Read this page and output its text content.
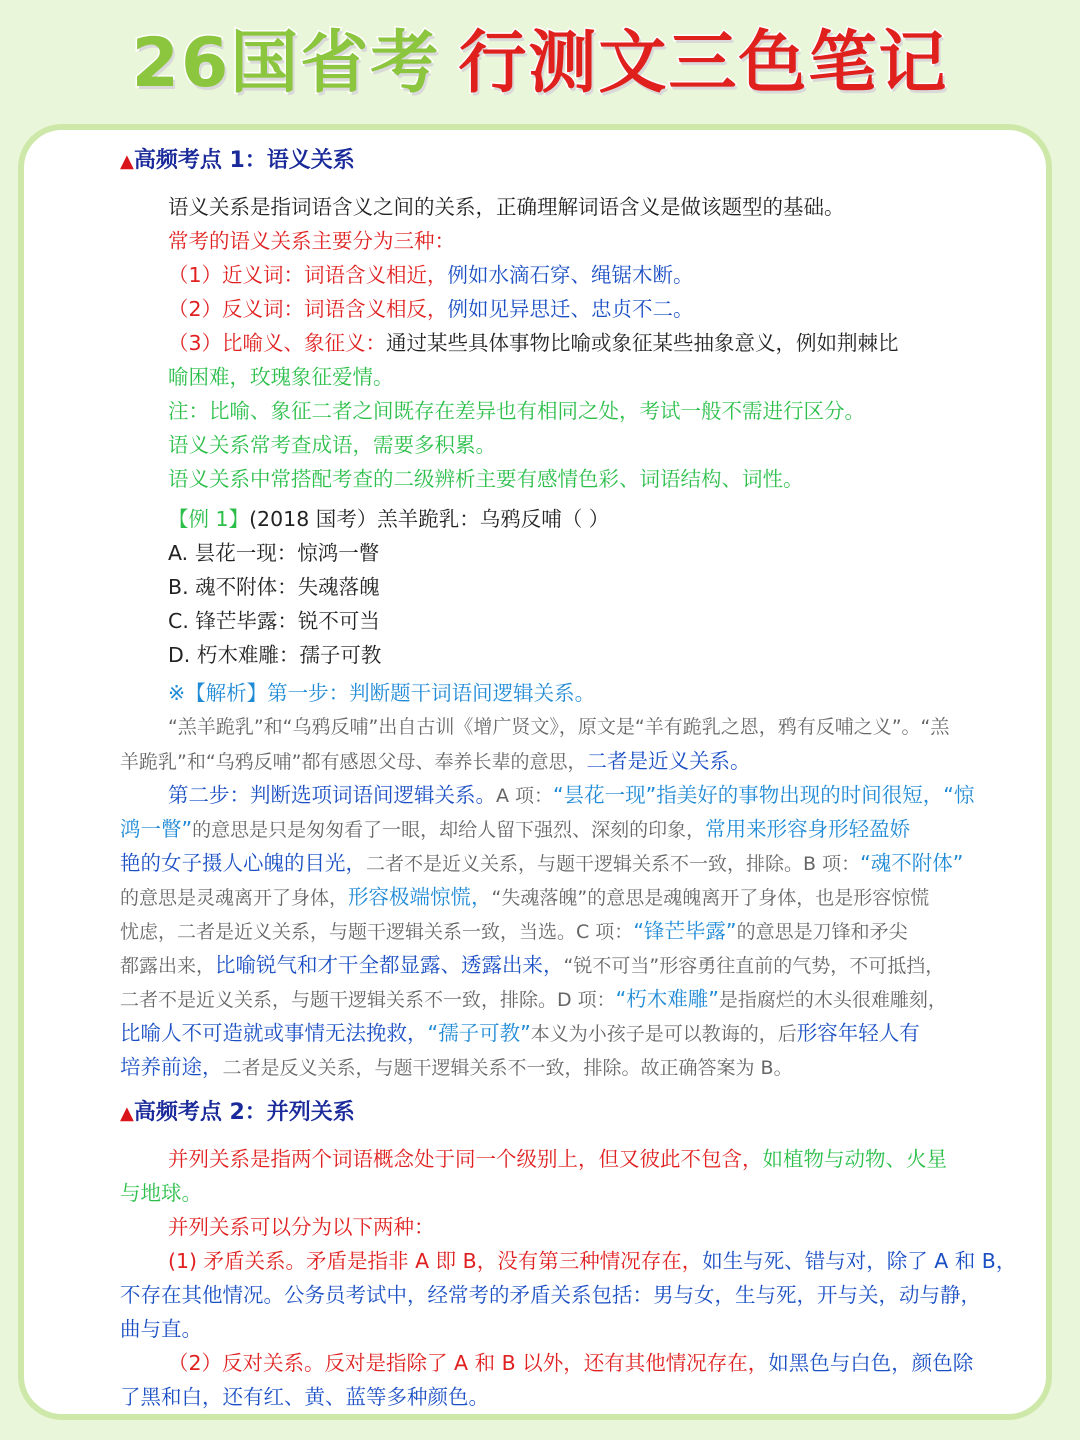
26国省考 行测文三色笔记
▲高频考点 1：语义关系
语义关系是指词语含义之间的关系，正确理解词语含义是做该题型的基础。
常考的语义关系主要分为三种：
（1）近义词：词语含义相近，例如水滴石穿、绳锯木断。
（2）反义词：词语含义相反，例如见异思迁、忠贞不二。
（3）比喻义、象征义：通过某些具体事物比喻或象征某些抽象意义，例如荆棘比
喻困难，玫瑰象征爱情。
注：比喻、象征二者之间既存在差异也有相同之处，考试一般不需进行区分。
语义关系常考查成语，需要多积累。
语义关系中常搭配考查的二级辨析主要有感情色彩、词语结构、词性。
【例 1】(2018 国考）羔羊跪乳：乌鸦反哺（ ）
A. 昙花一现：惊鸿一瞥
B. 魂不附体：失魂落魄
C. 锋芒毕露：锐不可当
D. 朽木难雕：孺子可教
※【解析】第一步：判断题干词语间逻辑关系。
“羔羊跪乳”和“乌鸦反哺”出自古训《增广贤文》，原文是“羊有跪乳之恩，鸦有反哺之义”。“羔
羊跪乳”和“乌鸦反哺”都有感恩父母、奉养长辈的意思，二者是近义关系。
第二步：判断选项词语间逻辑关系。A 项：“昙花一现”指美好的事物出现的时间很短，“惊
鸿一瞥”的意思是只是匆匆看了一眼，却给人留下强烈、深刻的印象，常用来形容身形轻盈娇
艳的女子摄人心魄的目光，二者不是近义关系，与题干逻辑关系不一致，排除。B 项：“魂不附体”
的意思是灵魂离开了身体，形容极端惊慌，“失魂落魄”的意思是魂魄离开了身体，也是形容惊慌
忧虑，二者是近义关系，与题干逻辑关系一致，当选。C 项：“锋芒毕露”的意思是刀锋和矛尖
都露出来，比喻锐气和才干全都显露、透露出来，“锐不可当”形容勇往直前的气势，不可抵挡，
二者不是近义关系，与题干逻辑关系不一致，排除。D 项：“朽木难雕”是指腐烂的木头很难雕刻，
比喻人不可造就或事情无法挽救，“孺子可教”本义为小孩子是可以教诲的，后形容年轻人有
培养前途，二者是反义关系，与题干逻辑关系不一致，排除。故正确答案为 B。
▲高频考点 2：并列关系
并列关系是指两个词语概念处于同一个级别上，但又彼此不包含，如植物与动物、火星
与地球。
并列关系可以分为以下两种：
(1) 矛盾关系。矛盾是指非 A 即 B，没有第三种情况存在，如生与死、错与对，除了 A 和 B，
不存在其他情况。公务员考试中，经常考的矛盾关系包括：男与女，生与死，开与关，动与静，
曲与直。
（2）反对关系。反对是指除了 A 和 B 以外，还有其他情况存在，如黑色与白色，颜色除
了黑和白，还有红、黄、蓝等多种颜色。
